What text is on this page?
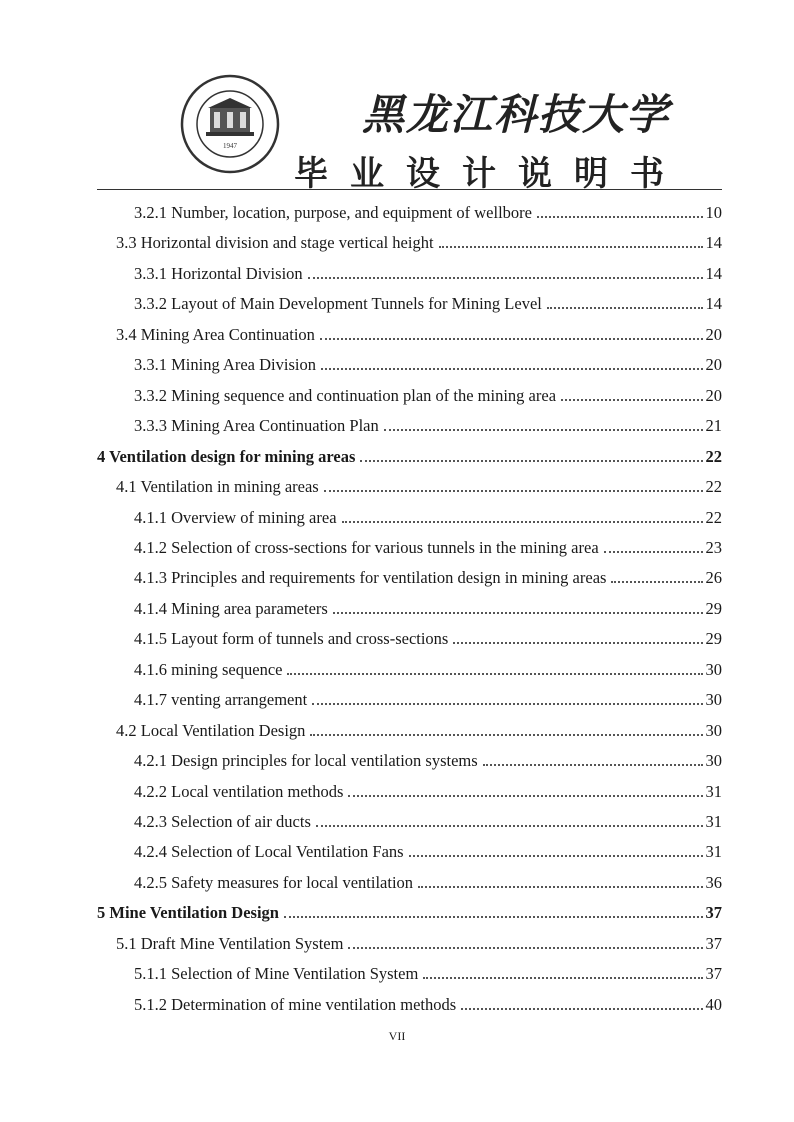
1947
黑龙江科技大学
毕业设计说明书
3.2.1 Number, location, purpose, and equipment of wellbore	10
3.3 Horizontal division and stage vertical height	14
3.3.1 Horizontal Division	14
3.3.2 Layout of Main Development Tunnels for Mining Level	14
3.4 Mining Area Continuation	20
3.3.1 Mining Area Division	20
3.3.2 Mining sequence and continuation plan of the mining area	20
3.3.3 Mining Area Continuation Plan	21
4 Ventilation design for mining areas	22
4.1 Ventilation in mining areas	22
4.1.1 Overview of mining area	22
4.1.2 Selection of cross-sections for various tunnels in the mining area	23
4.1.3 Principles and requirements for ventilation design in mining areas	26
4.1.4 Mining area parameters	29
4.1.5 Layout form of tunnels and cross-sections	29
4.1.6 mining sequence	30
4.1.7 venting arrangement	30
4.2 Local Ventilation Design	30
4.2.1 Design principles for local ventilation systems	30
4.2.2 Local ventilation methods	31
4.2.3 Selection of air ducts	31
4.2.4 Selection of Local Ventilation Fans	31
4.2.5 Safety measures for local ventilation	36
5 Mine Ventilation Design	37
5.1 Draft Mine Ventilation System	37
5.1.1 Selection of Mine Ventilation System	37
5.1.2 Determination of mine ventilation methods	40
VII
